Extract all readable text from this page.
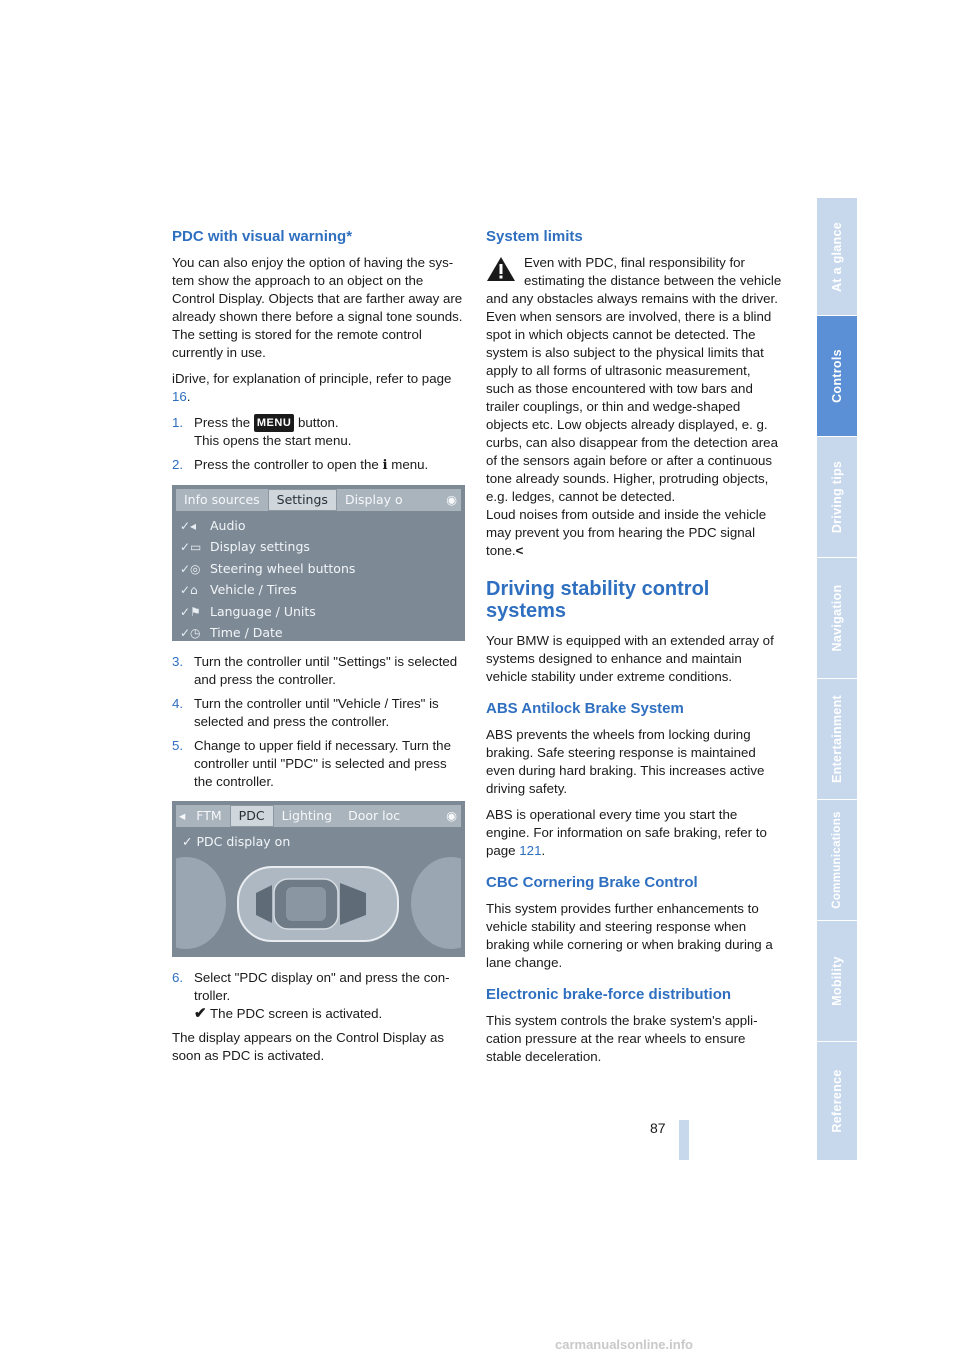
PDC with visual warning*

You can also enjoy the option of having the system show the approach to an object on the Control Display. Objects that are farther away are already shown there before a signal tone sounds. The setting is stored for the remote control currently in use.

iDrive, for explanation of principle, refer to page 16.

1. Press the MENU button.
This opens the start menu.
2. Press the controller to open the i menu.
Info sources	Settings	Display o	◉
✓◂	Audio
✓▭ Display settings
✓◎ Steering wheel buttons
✓⌂ Vehicle / Tires
✓⚑ Language / Units
✓◷ Time / Date
3. Turn the controller until "Settings" is selected and press the controller.
4. Turn the controller until "Vehicle / Tires" is selected and press the controller.
5. Change to upper field if necessary. Turn the controller until "PDC" is selected and press the controller.
◂ FTM	PDC	Lighting	Door loc	◉
✓ PDC display on
6. Select "PDC display on" and press the controller.
✔ The PDC screen is activated.

The display appears on the Control Display as soon as PDC is activated.

System limits

Even with PDC, final responsibility for estimating the distance between the vehicle and any obstacles always remains with the driver. Even when sensors are involved, there is a blind spot in which objects cannot be detected. The system is also subject to the physical limits that apply to all forms of ultrasonic measurement, such as those encountered with tow bars and trailer couplings, or thin and wedge-shaped objects etc. Low objects already displayed, e. g. curbs, can also disappear from the detection area of the sensors again before or after a continuous tone already sounds. Higher, protruding objects, e.g. ledges, cannot be detected.

Loud noises from outside and inside the vehicle may prevent you from hearing the PDC signal tone.<

Driving stability control systems

Your BMW is equipped with an extended array of systems designed to enhance and maintain vehicle stability under extreme conditions.

ABS Antilock Brake System

ABS prevents the wheels from locking during braking. Safe steering response is maintained even during hard braking. This increases active driving safety.

ABS is operational every time you start the engine. For information on safe braking, refer to page 121.

CBC Cornering Brake Control

This system provides further enhancements to vehicle stability and steering response when braking while cornering or when braking during a lane change.

Electronic brake-force distribution

This system controls the brake system's application pressure at the rear wheels to ensure stable deceleration.

At a glance
Controls
Driving tips
Navigation
Entertainment
Communications
Mobility
Reference
87
carmanualsonline.info
